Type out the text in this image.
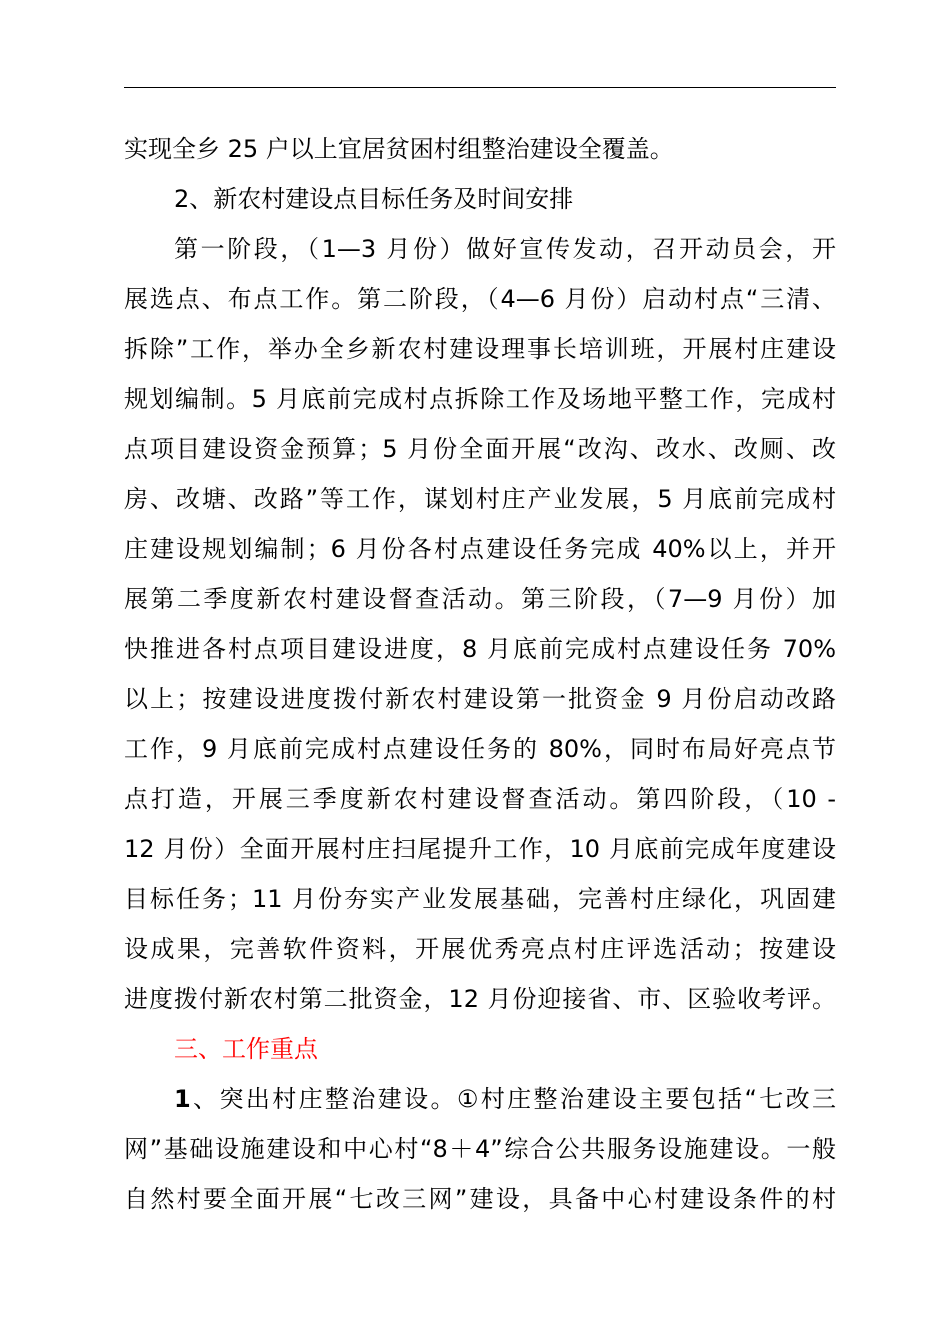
实现全乡 25 户以上宜居贫困村组整治建设全覆盖。
2、新农村建设点目标任务及时间安排
第一阶段，（1—3 月份）做好宣传发动，召开动员会，开
展选点、布点工作。第二阶段，（4—6 月份）启动村点“三清、
拆除”工作，举办全乡新农村建设理事长培训班，开展村庄建设
规划编制。5 月底前完成村点拆除工作及场地平整工作，完成村
点项目建设资金预算；5 月份全面开展“改沟、改水、改厕、改
房、改塘、改路”等工作，谋划村庄产业发展，5 月底前完成村
庄建设规划编制；6 月份各村点建设任务完成 40%以上，并开
展第二季度新农村建设督查活动。第三阶段，（7—9 月份）加
快推进各村点项目建设进度，8 月底前完成村点建设任务 70%
以上；按建设进度拨付新农村建设第一批资金 9 月份启动改路
工作，9 月底前完成村点建设任务的 80%，同时布局好亮点节
点打造，开展三季度新农村建设督查活动。第四阶段，（10 -
12 月份）全面开展村庄扫尾提升工作，10 月底前完成年度建设
目标任务；11 月份夯实产业发展基础，完善村庄绿化，巩固建
设成果，完善软件资料，开展优秀亮点村庄评选活动；按建设
进度拨付新农村第二批资金，12 月份迎接省、市、区验收考评。
三、工作重点
1、突出村庄整治建设。①村庄整治建设主要包括“七改三
网”基础设施建设和中心村“8＋4”综合公共服务设施建设。一般
自然村要全面开展“七改三网”建设，具备中心村建设条件的村
